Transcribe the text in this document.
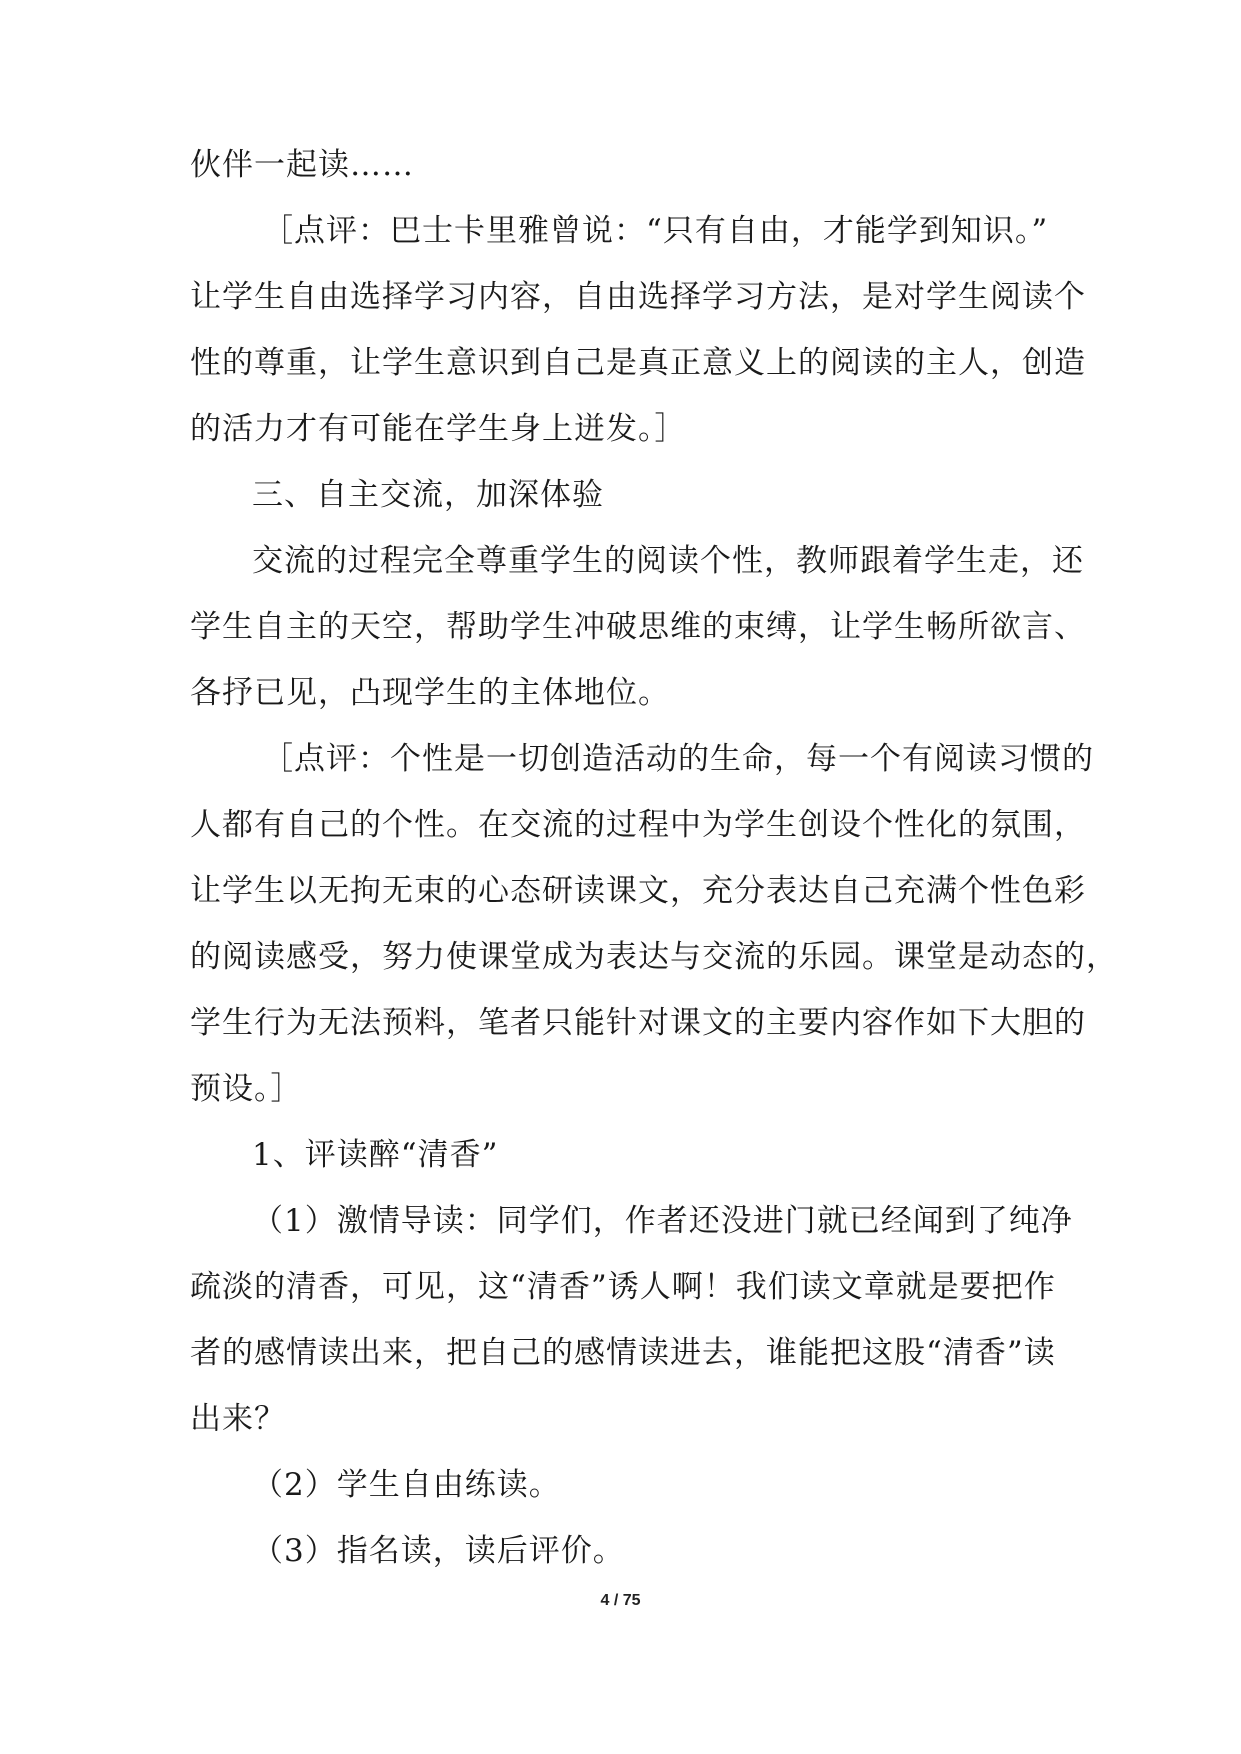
伙伴一起读……
［点评：巴士卡里雅曾说：“只有自由，才能学到知识。”
让学生自由选择学习内容，自由选择学习方法，是对学生阅读个
性的尊重，让学生意识到自己是真正意义上的阅读的主人，创造
的活力才有可能在学生身上迸发。］
三、自主交流，加深体验
交流的过程完全尊重学生的阅读个性，教师跟着学生走，还
学生自主的天空，帮助学生冲破思维的束缚，让学生畅所欲言、
各抒已见，凸现学生的主体地位。
［点评：个性是一切创造活动的生命，每一个有阅读习惯的
人都有自己的个性。在交流的过程中为学生创设个性化的氛围，
让学生以无拘无束的心态研读课文，充分表达自己充满个性色彩
的阅读感受，努力使课堂成为表达与交流的乐园。课堂是动态的，
学生行为无法预料，笔者只能针对课文的主要内容作如下大胆的
预设。］
1、评读醉“清香”
（1）激情导读：同学们，作者还没进门就已经闻到了纯净
疏淡的清香，可见，这“清香”诱人啊！我们读文章就是要把作
者的感情读出来，把自己的感情读进去，谁能把这股“清香”读
出来？
（2）学生自由练读。
（3）指名读，读后评价。
4 / 75
